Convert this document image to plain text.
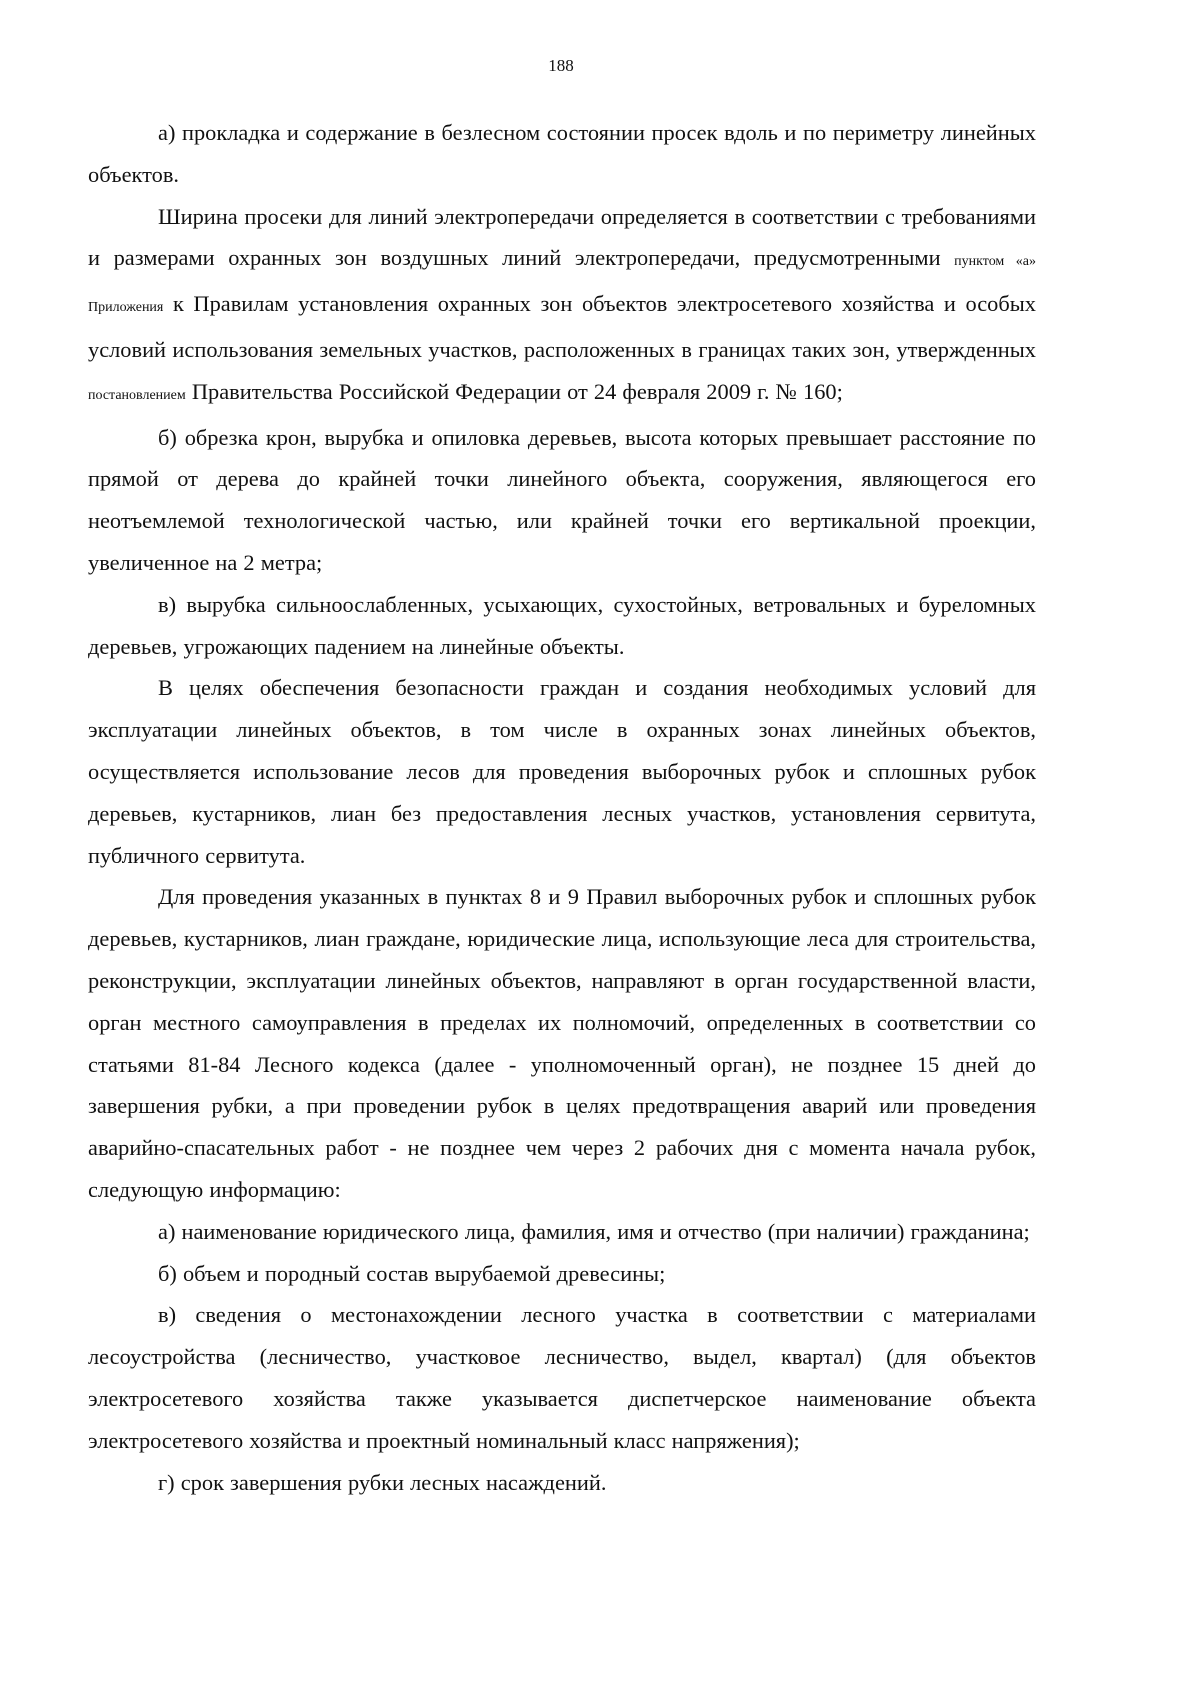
188

а) прокладка и содержание в безлесном состоянии просек вдоль и по периметру линейных объектов.

Ширина просеки для линий электропередачи определяется в соответствии с требованиями и размерами охранных зон воздушных линий электропередачи, предусмотренными пунктом «а» Приложения к Правилам установления охранных зон объектов электросетевого хозяйства и особых условий использования земельных участков, расположенных в границах таких зон, утвержденных постановлением Правительства Российской Федерации от 24 февраля 2009 г. № 160;

б) обрезка крон, вырубка и опиловка деревьев, высота которых превышает расстояние по прямой от дерева до крайней точки линейного объекта, сооружения, являющегося его неотъемлемой технологической частью, или крайней точки его вертикальной проекции, увеличенное на 2 метра;

в) вырубка сильноослабленных, усыхающих, сухостойных, ветровальных и буреломных деревьев, угрожающих падением на линейные объекты.

В целях обеспечения безопасности граждан и создания необходимых условий для эксплуатации линейных объектов, в том числе в охранных зонах линейных объектов, осуществляется использование лесов для проведения выборочных рубок и сплошных рубок деревьев, кустарников, лиан без предоставления лесных участков, установления сервитута, публичного сервитута.

Для проведения указанных в пунктах 8 и 9 Правил выборочных рубок и сплошных рубок деревьев, кустарников, лиан граждане, юридические лица, использующие леса для строительства, реконструкции, эксплуатации линейных объектов, направляют в орган государственной власти, орган местного самоуправления в пределах их полномочий, определенных в соответствии со статьями 81-84 Лесного кодекса (далее - уполномоченный орган), не позднее 15 дней до завершения рубки, а при проведении рубок в целях предотвращения аварий или проведения аварийно-спасательных работ - не позднее чем через 2 рабочих дня с момента начала рубок, следующую информацию:

а) наименование юридического лица, фамилия, имя и отчество (при наличии) гражданина;

б) объем и породный состав вырубаемой древесины;

в) сведения о местонахождении лесного участка в соответствии с материалами лесоустройства (лесничество, участковое лесничество, выдел, квартал) (для объектов электросетевого хозяйства также указывается диспетчерское наименование объекта электросетевого хозяйства и проектный номинальный класс напряжения);

г) срок завершения рубки лесных насаждений.
